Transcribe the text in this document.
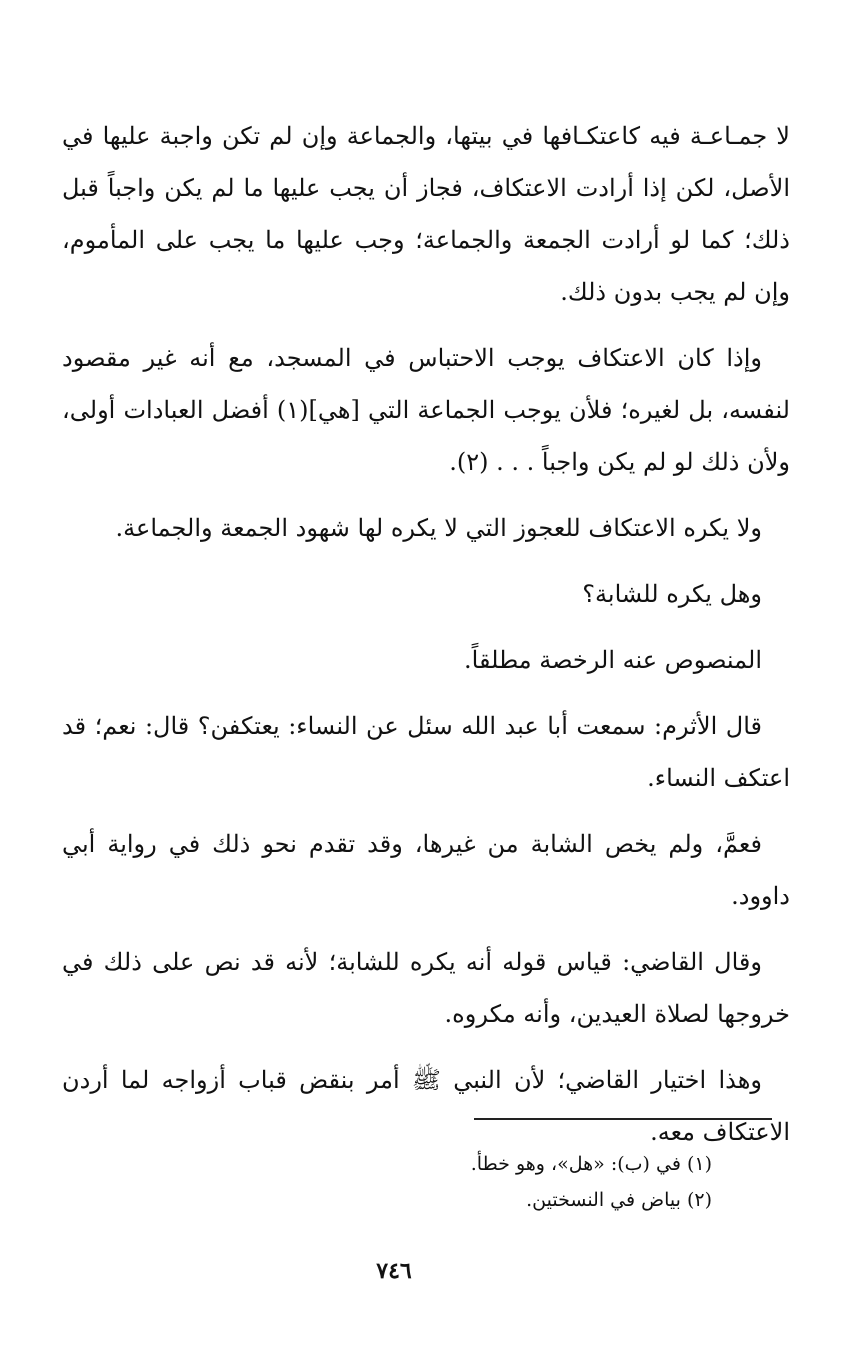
لا جمـاعـة فيه كاعتكـافها في بيتها، والجماعة وإن لم تكن واجبة عليها في الأصل، لكن إذا أرادت الاعتكاف، فجاز أن يجب عليها ما لم يكن واجباً قبل ذلك؛ كما لو أرادت الجمعة والجماعة؛ وجب عليها ما يجب على المأموم، وإن لم يجب بدون ذلك.

وإذا كان الاعتكاف يوجب الاحتباس في المسجد، مع أنه غير مقصود لنفسه، بل لغيره؛ فلأن يوجب الجماعة التي [هي](١) أفضل العبادات أولى، ولأن ذلك لو لم يكن واجباً . . . (٢).

ولا يكره الاعتكاف للعجوز التي لا يكره لها شهود الجمعة والجماعة.

وهل يكره للشابة؟

المنصوص عنه الرخصة مطلقاً.

قال الأثرم: سمعت أبا عبد الله سئل عن النساء: يعتكفن؟ قال: نعم؛ قد اعتكف النساء.

فعمَّ، ولم يخص الشابة من غيرها، وقد تقدم نحو ذلك في رواية أبي داوود.

وقال القاضي: قياس قوله أنه يكره للشابة؛ لأنه قد نص على ذلك في خروجها لصلاة العيدين، وأنه مكروه.

وهذا اختيار القاضي؛ لأن النبي ﷺ أمر بنقض قباب أزواجه لما أردن الاعتكاف معه.

(١) في (ب): «هل»، وهو خطأ.

(٢) بياض في النسختين.

٧٤٦
